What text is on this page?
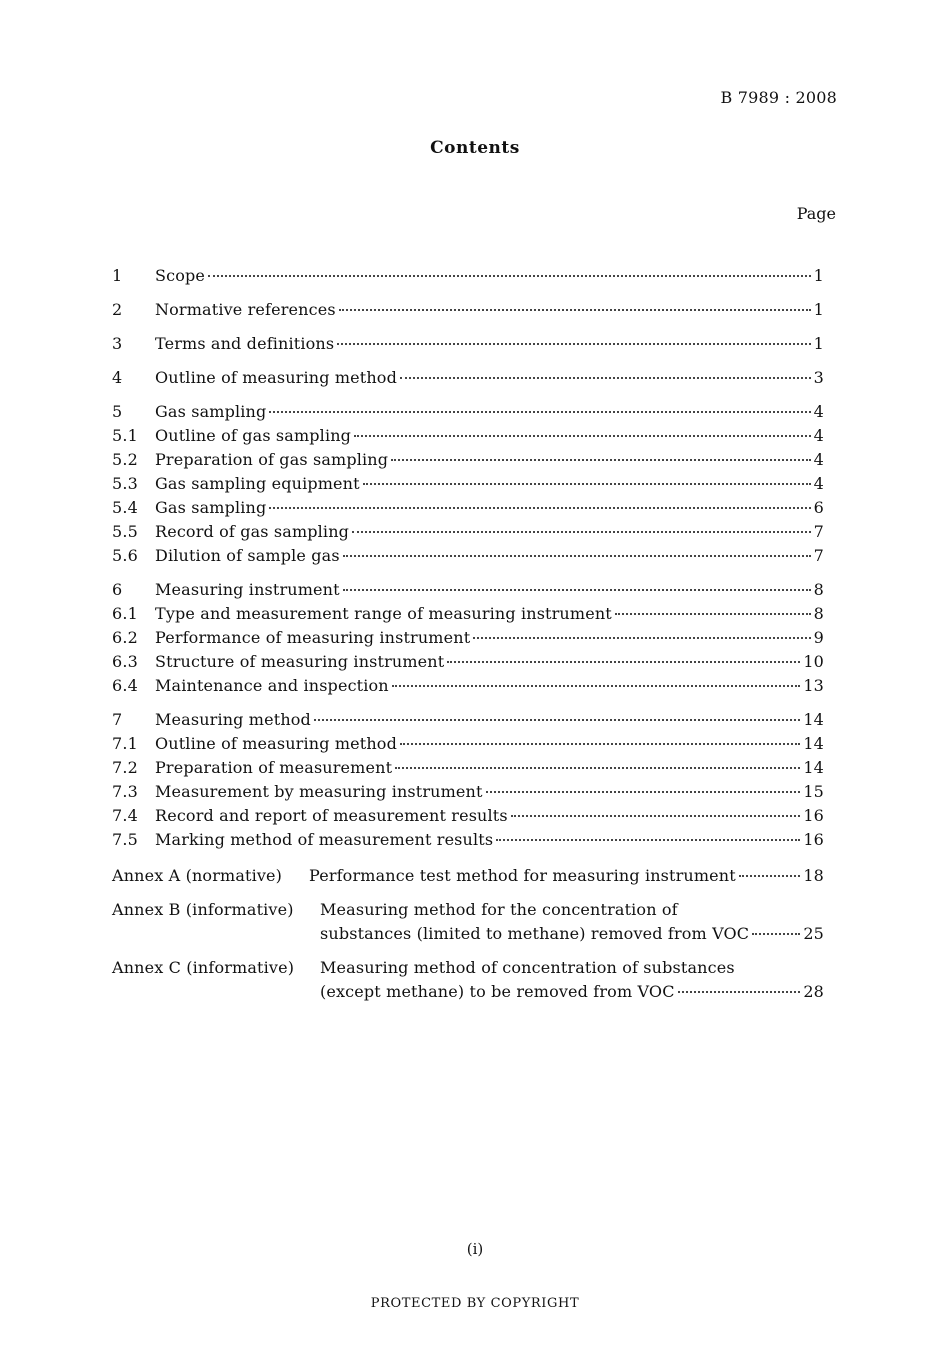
B 7989 : 2008
Contents
Page
1	Scope	1
2	Normative references	1
3	Terms and definitions	1
4	Outline of measuring method	3
5	Gas sampling	4
5.1	Outline of gas sampling	4
5.2	Preparation of gas sampling	4
5.3	Gas sampling equipment	4
5.4	Gas sampling	6
5.5	Record of gas sampling	7
5.6	Dilution of sample gas	7
6	Measuring instrument	8
6.1	Type and measurement range of measuring instrument	8
6.2	Performance of measuring instrument	9
6.3	Structure of measuring instrument	10
6.4	Maintenance and inspection	13
7	Measuring method	14
7.1	Outline of measuring method	14
7.2	Preparation of measurement	14
7.3	Measurement by measuring instrument	15
7.4	Record and report of measurement results	16
7.5	Marking method of measurement results	16
Annex A (normative)	Performance test method for measuring instrument	18
Annex B (informative)	Measuring method for the concentration of
substances (limited to methane) removed from VOC	25
Annex C (informative)	Measuring method of concentration of substances
(except methane) to be removed from VOC	28
(i)
PROTECTED BY COPYRIGHT
